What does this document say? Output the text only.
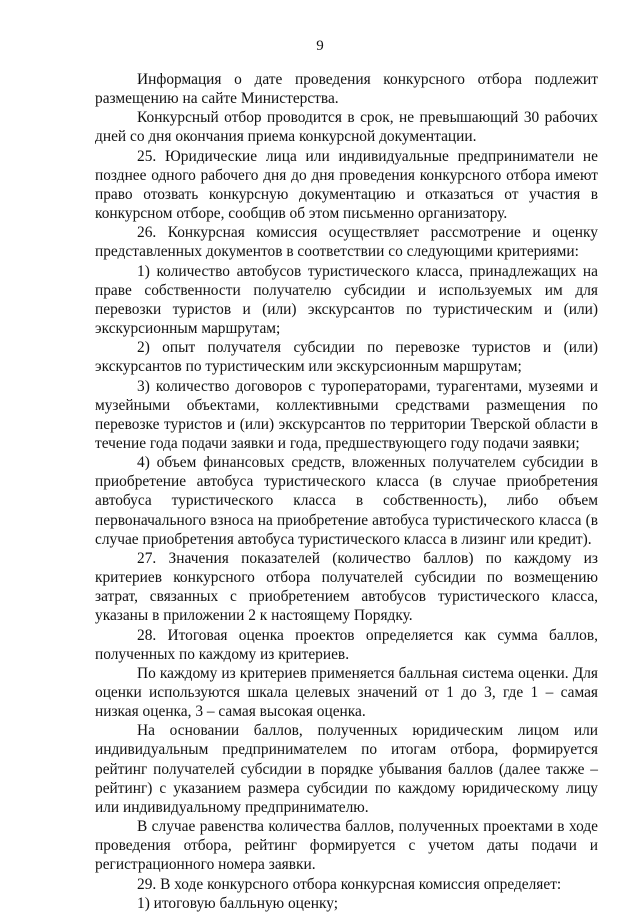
9

Информация о дате проведения конкурсного отбора подлежит размещению на сайте Министерства.

Конкурсный отбор проводится в срок, не превышающий 30 рабочих дней со дня окончания приема конкурсной документации.

25. Юридические лица или индивидуальные предприниматели не позднее одного рабочего дня до дня проведения конкурсного отбора имеют право отозвать конкурсную документацию и отказаться от участия в конкурсном отборе, сообщив об этом письменно организатору.

26. Конкурсная комиссия осуществляет рассмотрение и оценку представленных документов в соответствии со следующими критериями:

1) количество автобусов туристического класса, принадлежащих на праве собственности получателю субсидии и используемых им для перевозки туристов и (или) экскурсантов по туристическим и (или) экскурсионным маршрутам;

2) опыт получателя субсидии по перевозке туристов и (или) экскурсантов по туристическим или экскурсионным маршрутам;

3) количество договоров с туроператорами, турагентами, музеями и музейными объектами, коллективными средствами размещения по перевозке туристов и (или) экскурсантов по территории Тверской области в течение года подачи заявки и года, предшествующего году подачи заявки;

4) объем финансовых средств, вложенных получателем субсидии в приобретение автобуса туристического класса (в случае приобретения автобуса туристического класса в собственность), либо объем первоначального взноса на приобретение автобуса туристического класса (в случае приобретения автобуса туристического класса в лизинг или кредит).

27. Значения показателей (количество баллов) по каждому из критериев конкурсного отбора получателей субсидии по возмещению затрат, связанных с приобретением автобусов туристического класса, указаны в приложении 2 к настоящему Порядку.

28. Итоговая оценка проектов определяется как сумма баллов, полученных по каждому из критериев.

По каждому из критериев применяется балльная система оценки. Для оценки используются шкала целевых значений от 1 до 3, где 1 – самая низкая оценка, 3 – самая высокая оценка.

На основании баллов, полученных юридическим лицом или индивидуальным предпринимателем по итогам отбора, формируется рейтинг получателей субсидии в порядке убывания баллов (далее также – рейтинг) с указанием размера субсидии по каждому юридическому лицу или индивидуальному предпринимателю.

В случае равенства количества баллов, полученных проектами в ходе проведения отбора, рейтинг формируется с учетом даты подачи и регистрационного номера заявки.

29. В ходе конкурсного отбора конкурсная комиссия определяет:

1) итоговую балльную оценку;
